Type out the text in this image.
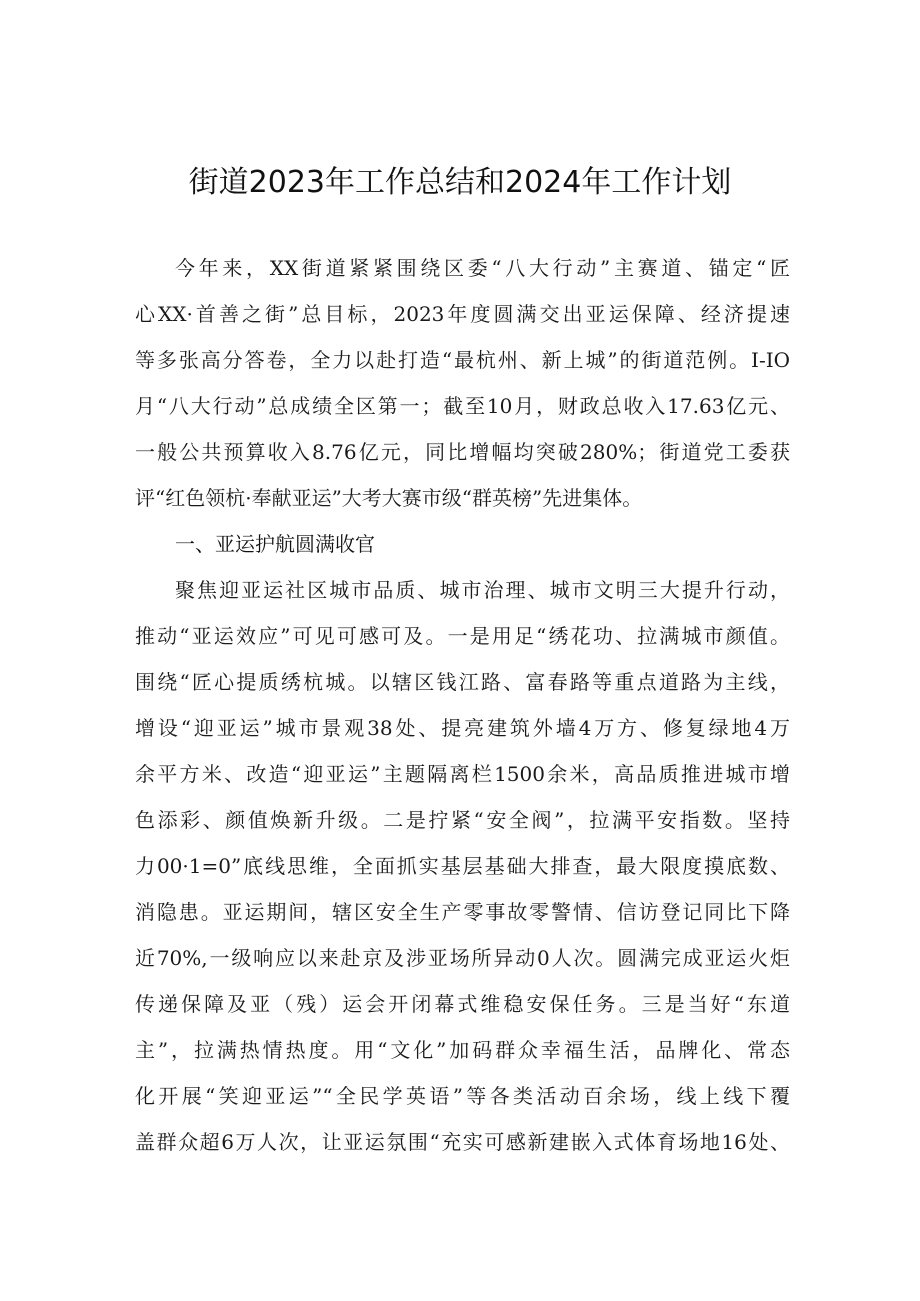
街道2023年工作总结和2024年工作计划
今年来，XX街道紧紧围绕区委“八大行动”主赛道、锚定“匠
心XX·首善之街”总目标，2023年度圆满交出亚运保障、经济提速
等多张高分答卷，全力以赴打造“最杭州、新上城”的街道范例。I-IO
月“八大行动”总成绩全区第一；截至10月，财政总收入17.63亿元、
一般公共预算收入8.76亿元，同比增幅均突破280%；街道党工委获
评“红色领杭·奉献亚运”大考大赛市级“群英榜”先进集体。
一、亚运护航圆满收官
聚焦迎亚运社区城市品质、城市治理、城市文明三大提升行动，
推动“亚运效应”可见可感可及。一是用足“绣花功、拉满城市颜值。
围绕“匠心提质绣杭城。以辖区钱江路、富春路等重点道路为主线，
增设“迎亚运”城市景观38处、提亮建筑外墙4万方、修复绿地4万
余平方米、改造“迎亚运”主题隔离栏1500余米，高品质推进城市增
色添彩、颜值焕新升级。二是拧紧“安全阀”，拉满平安指数。坚持
力00·1=0”底线思维，全面抓实基层基础大排查，最大限度摸底数、
消隐患。亚运期间，辖区安全生产零事故零警情、信访登记同比下降
近70%,一级响应以来赴京及涉亚场所异动0人次。圆满完成亚运火炬
传递保障及亚（残）运会开闭幕式维稳安保任务。三是当好“东道
主”，拉满热情热度。用“文化”加码群众幸福生活，品牌化、常态
化开展“笑迎亚运”“全民学英语”等各类活动百余场，线上线下覆
盖群众超6万人次，让亚运氛围“充实可感新建嵌入式体育场地16处、
